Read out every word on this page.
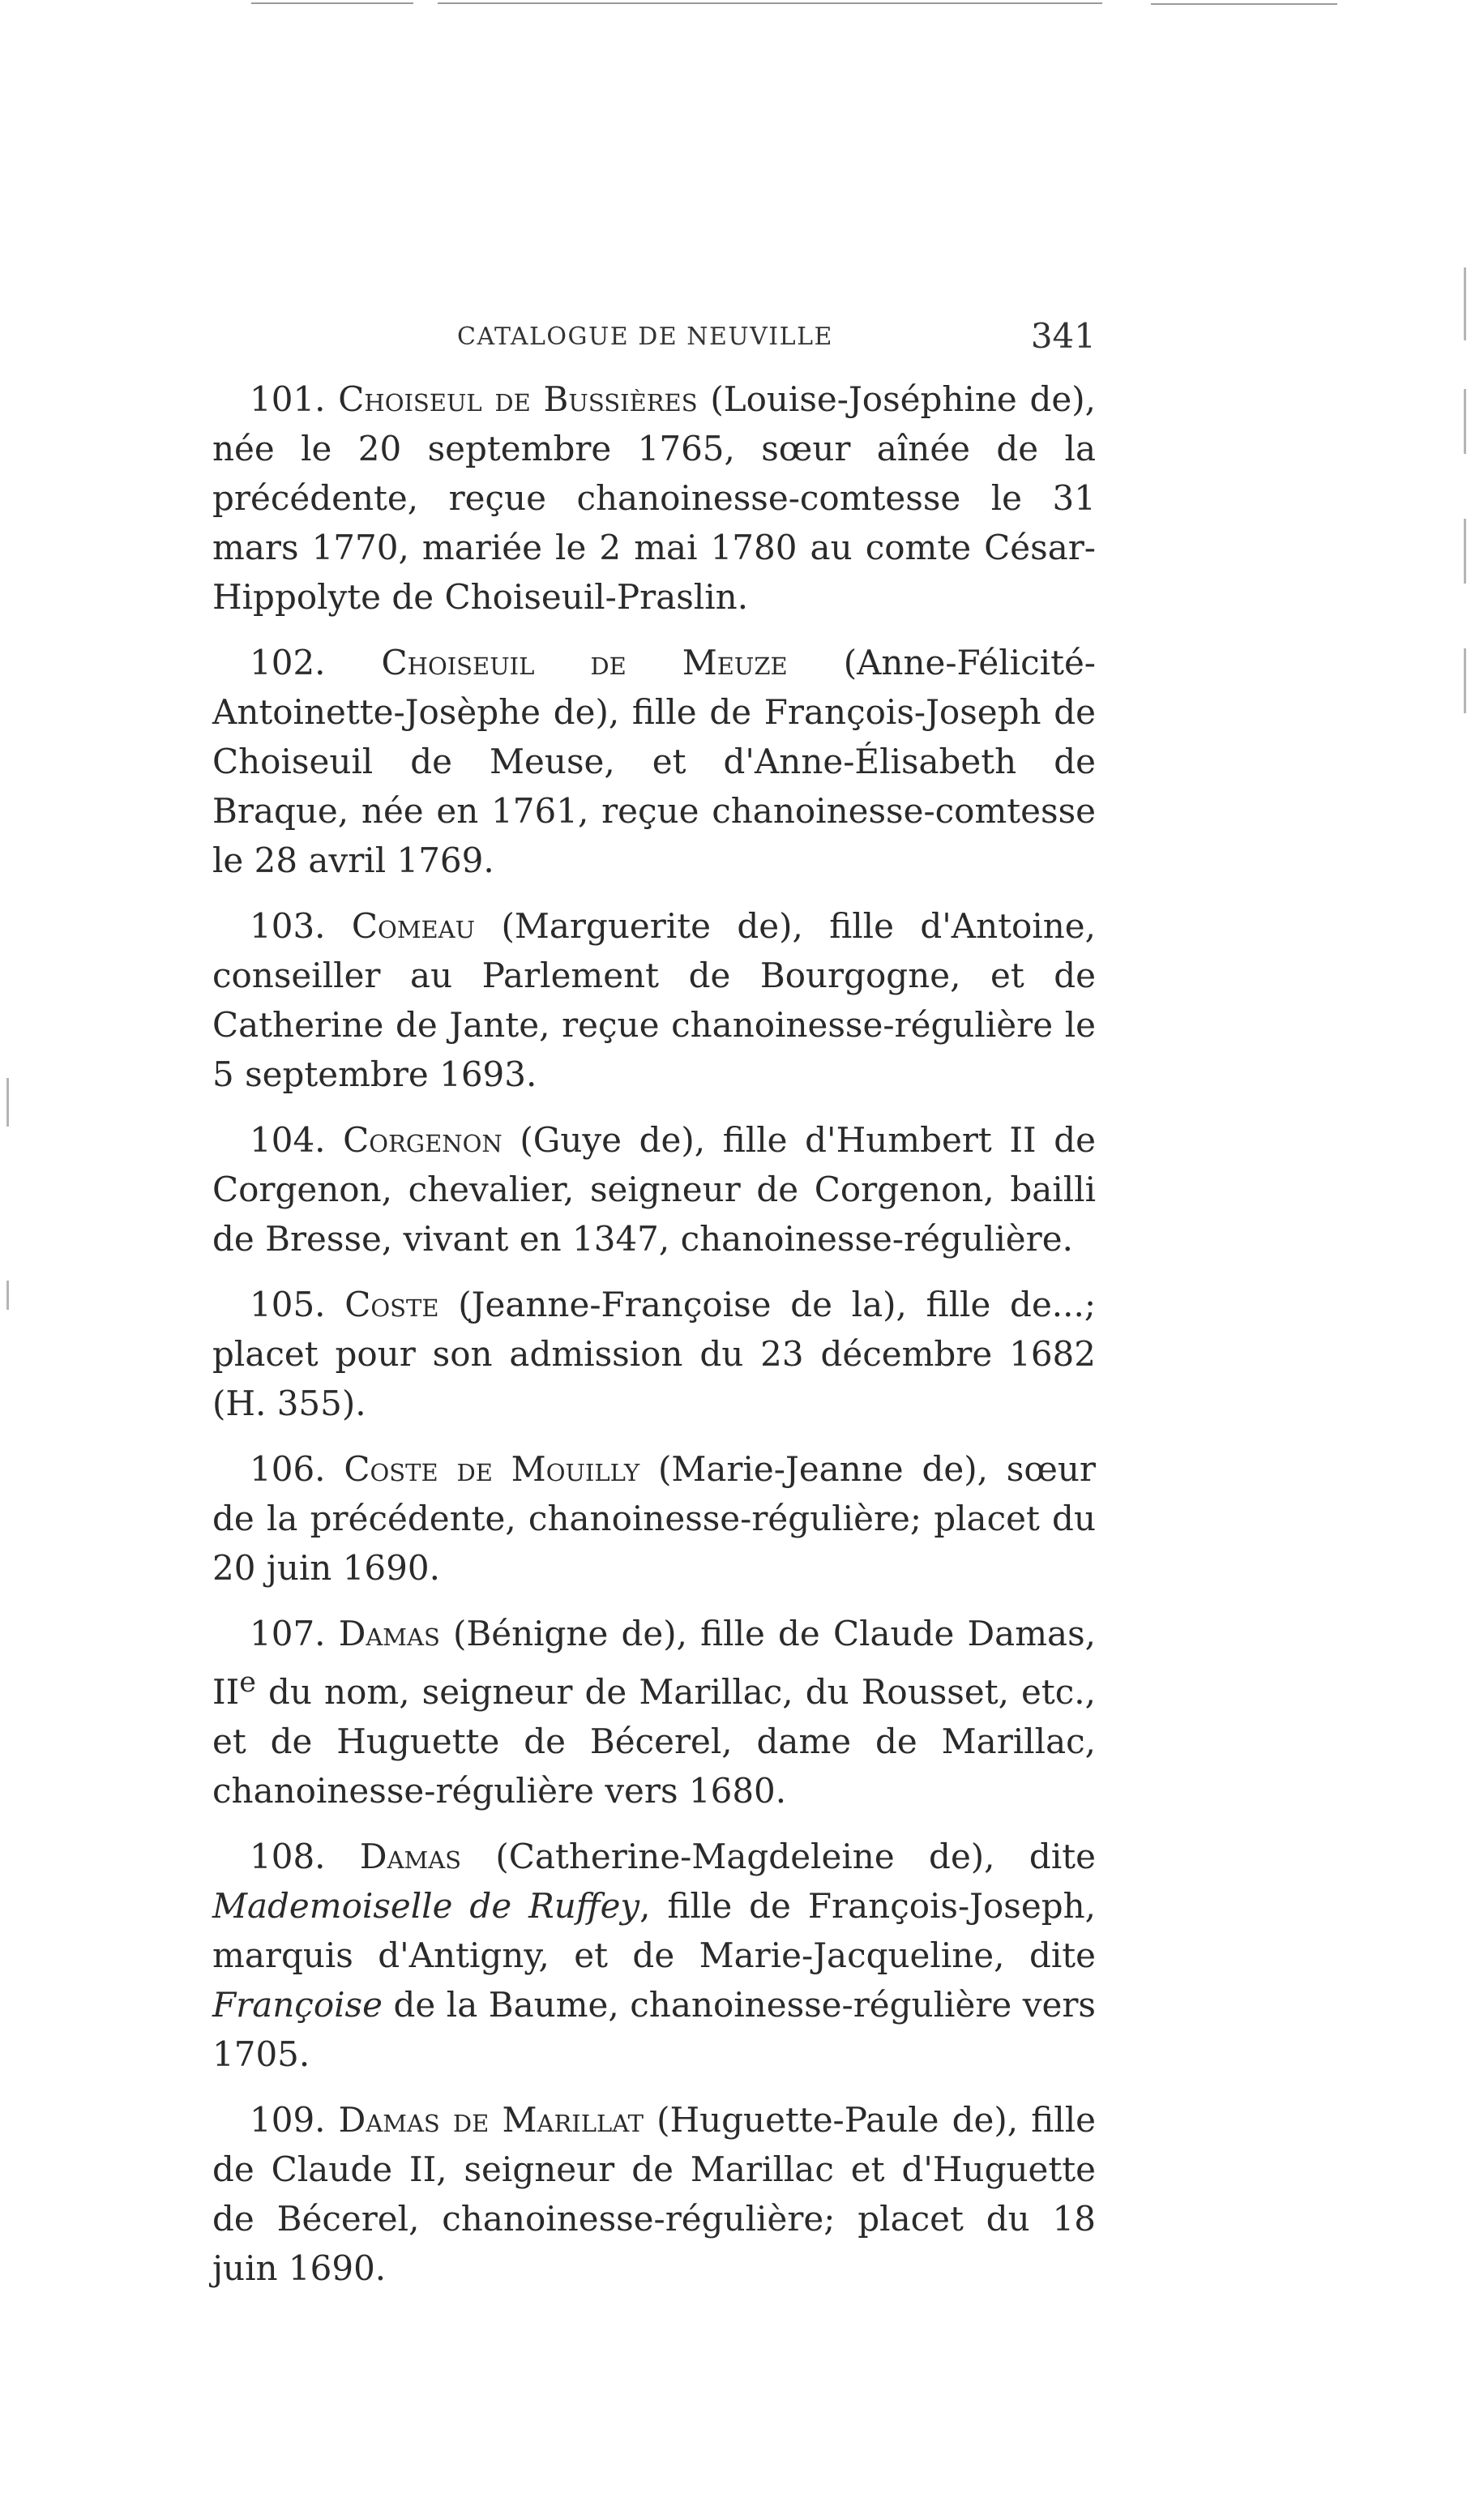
CATALOGUE DE NEUVILLE	341

101. Choiseul de Bussières (Louise-Joséphine de), née le 20 septembre 1765, sœur aînée de la précédente, reçue chanoinesse-comtesse le 31 mars 1770, mariée le 2 mai 1780 au comte César-Hippolyte de Choiseuil-Praslin.

102. Choiseuil de Meuze (Anne-Félicité-Antoinette-Josèphe de), fille de François-Joseph de Choiseuil de Meuse, et d'Anne-Élisabeth de Braque, née en 1761, reçue chanoinesse-comtesse le 28 avril 1769.

103. Comeau (Marguerite de), fille d'Antoine, conseiller au Parlement de Bourgogne, et de Catherine de Jante, reçue chanoinesse-régulière le 5 septembre 1693.

104. Corgenon (Guye de), fille d'Humbert II de Corgenon, chevalier, seigneur de Corgenon, bailli de Bresse, vivant en 1347, chanoinesse-régulière.

105. Coste (Jeanne-Françoise de la), fille de...; placet pour son admission du 23 décembre 1682 (H. 355).

106. Coste de Mouilly (Marie-Jeanne de), sœur de la précédente, chanoinesse-régulière; placet du 20 juin 1690.

107. Damas (Bénigne de), fille de Claude Damas, IIe du nom, seigneur de Marillac, du Rousset, etc., et de Huguette de Bécerel, dame de Marillac, chanoinesse-régulière vers 1680.

108. Damas (Catherine-Magdeleine de), dite Mademoiselle de Ruffey, fille de François-Joseph, marquis d'Antigny, et de Marie-Jacqueline, dite Françoise de la Baume, chanoinesse-régulière vers 1705.

109. Damas de Marillat (Huguette-Paule de), fille de Claude II, seigneur de Marillac et d'Huguette de Bécerel, chanoinesse-régulière; placet du 18 juin 1690.
